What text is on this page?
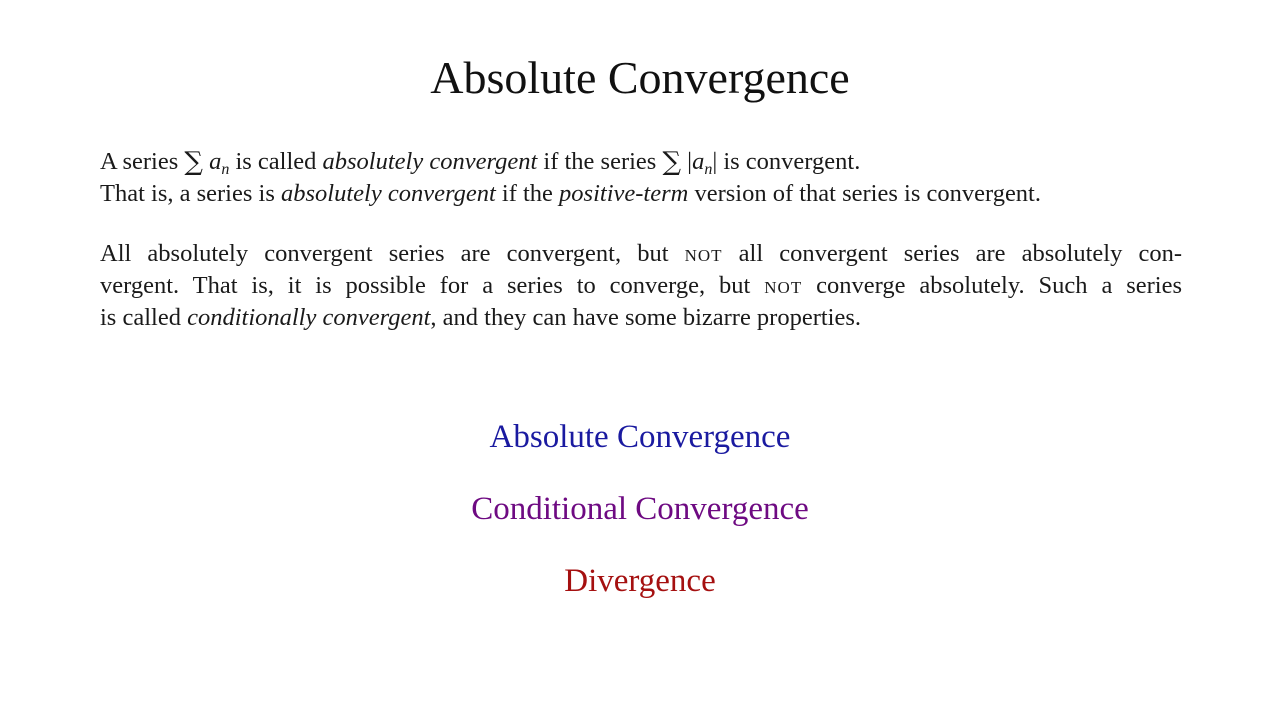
Absolute Convergence
A series ∑ $a_n$ is called absolutely convergent if the series ∑ $|a_n|$ is convergent.
That is, a series is absolutely convergent if the positive-term version of that series is convergent.
All absolutely convergent series are convergent, but not all convergent series are absolutely con-
vergent. That is, it is possible for a series to converge, but not converge absolutely. Such a series
is called conditionally convergent, and they can have some bizarre properties.
Absolute Convergence
Conditional Convergence
Divergence
